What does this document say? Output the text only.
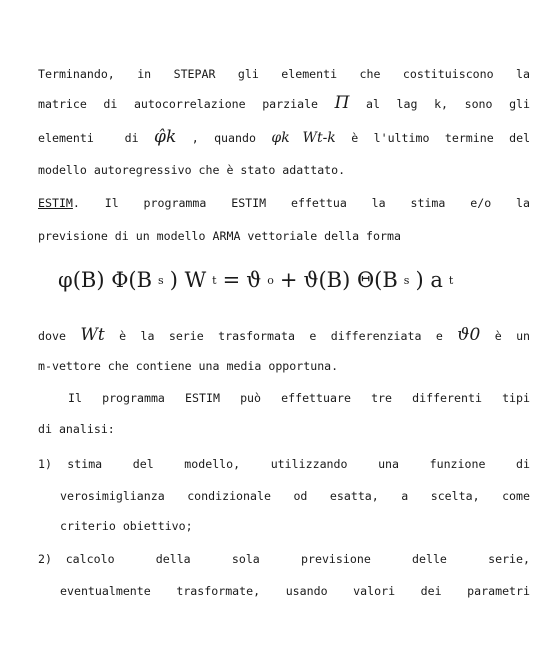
Terminando, in STEPAR gli elementi che costituiscono la
matrice di autocorrelazione parziale Π al lag k, sono gli
elementi  di φ̂k , quando φk Wt-k è l'ultimo termine del
modello autoregressivo che è stato adattato.
ESTIM. Il programma ESTIM effettua la stima e/o la
previsione di un modello ARMA vettoriale della forma
φ(B) Φ(B s ) W t = ϑ o + ϑ(B) Θ(B s ) a t
dove Wt è la serie trasformata e differenziata e ϑ0 è un
m-vettore che contiene una media opportuna.
Il programma ESTIM può effettuare tre differenti tipi
di analisi:
1) stima  del  modello,  utilizzando  una  funzione  di
verosimiglianza condizionale od esatta, a scelta, come
criterio obiettivo;
2) calcolo   della   sola   previsione   delle   serie,
eventualmente trasformate, usando valori dei parametri
